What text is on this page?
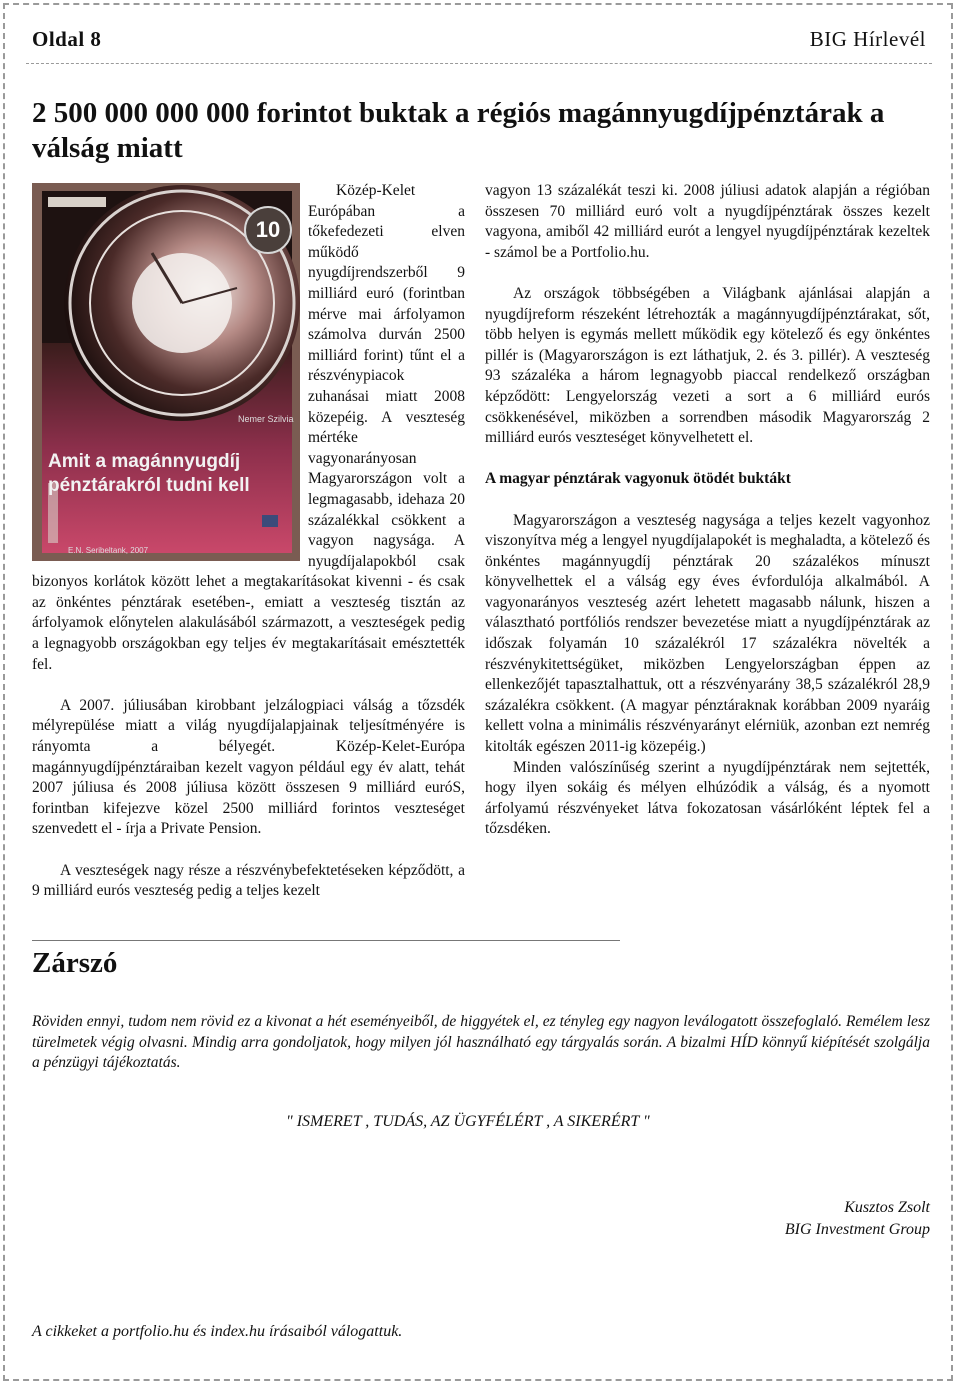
Oldal 8	BIG Hírlevél
2 500 000 000 000 forintot buktak a régiós magánnyugdíjpénztárak a válság miatt
10
Nemer Szilvia
Amit a magánnyugdíj
pénztárakról tudni kell
E.N. Seribeltank, 2007

Közép-Kelet Európában a tőkefedezeti elven működő nyugdíjrendszerből 9 milliárd euró (forintban mérve mai árfolyamon számolva durván 2500 milliárd forint) tűnt el a részvénypiacok zuhanásai miatt 2008 közepéig. A veszteség mértéke vagyonarányosan Magyarországon volt a legmagasabb, idehaza 20 százalékkal csökkent a vagyon nagysága. A nyugdíjalapokból csak bizonyos korlátok között lehet a megtakarításokat kivenni - és csak az önkéntes pénztárak esetében-, emiatt a veszteség tisztán az árfolyamok előnytelen alakulásából származott, a veszteségek pedig a legnagyobb országokban egy teljes év megtakarításait emésztették fel.

A 2007. júliusában kirobbant jelzálogpiaci válság a tőzsdék mélyrepülése miatt a világ nyugdíjalapjainak teljesítményére is rányomta a bélyegét. Közép-Kelet-Európa magánnyugdíjpénztáraiban kezelt vagyon például egy év alatt, tehát 2007 júliusa és 2008 júliusa között összesen 9 milliárd euróS, forintban kifejezve közel 2500 milliárd forintos veszteséget szenvedett el - írja a Private Pension.

A veszteségek nagy része a részvénybefektetéseken képződött, a 9 milliárd eurós veszteség pedig a teljes kezelt

vagyon 13 százalékát teszi ki. 2008 júliusi adatok alapján a régióban összesen 70 milliárd euró volt a nyugdíjpénztárak összes kezelt vagyona, amiből 42 milliárd eurót a lengyel nyugdíjpénztárak kezeltek - számol be a Portfolio.hu.

Az országok többségében a Világbank ajánlásai alapján a nyugdíjreform részeként létrehozták a magánnyugdíjpénztárakat, sőt, több helyen is egymás mellett működik egy kötelező és egy önkéntes pillér is (Magyarországon is ezt láthatjuk, 2. és 3. pillér). A veszteség 93 százaléka a három legnagyobb piaccal rendelkező országban képződött: Lengyelország vezeti a sort a 6 milliárd eurós csökkenésével, miközben a sorrendben második Magyarország 2 milliárd eurós veszteséget könyvelhetett el.

A magyar pénztárak vagyonuk ötödét buktákt

Magyarországon a veszteség nagysága a teljes kezelt vagyonhoz viszonyítva még a lengyel nyugdíjalapokét is meghaladta, a kötelező és önkéntes magánnyugdíj pénztárak 20 százalékos mínuszt könyvelhettek el a válság egy éves évfordulója alkalmából. A vagyonarányos veszteség azért lehetett magasabb nálunk, hiszen a választható portfóliós rendszer bevezetése miatt a nyugdíjpénztárak az időszak folyamán 10 százalékról 17 százalékra növelték a részvénykitettségüket, miközben Lengyelországban éppen az ellenkezőjét tapasztalhattuk, ott a részvényarány 38,5 százalékról 28,9 százalékra csökkent. (A magyar pénztáraknak korábban 2009 nyaráig kellett volna a minimális részvényarányt elérniük, azonban ezt nemrég kitolták egészen 2011-ig közepéig.)

Minden valószínűség szerint a nyugdíjpénztárak nem sejtették, hogy ilyen sokáig és mélyen elhúzódik a válság, és a nyomott árfolyamú részvényeket látva fokozatosan vásárlóként léptek fel a tőzsdéken.

Zárszó

Röviden ennyi, tudom nem rövid ez a kivonat a hét eseményeiből, de higgyétek el, ez tényleg egy nagyon leválogatott összefoglaló. Remélem lesz türelmetek végig olvasni. Mindig arra gondoljatok, hogy milyen jól használható egy tárgyalás során. A bizalmi HÍD könnyű kiépítését szolgálja a pénzügyi tájékoztatás.

" ISMERET , TUDÁS, AZ ÜGYFÉLÉRT , A SIKERÉRT "
Kusztos Zsolt
BIG Investment Group
A cikkeket a portfolio.hu és index.hu írásaiból válogattuk.
